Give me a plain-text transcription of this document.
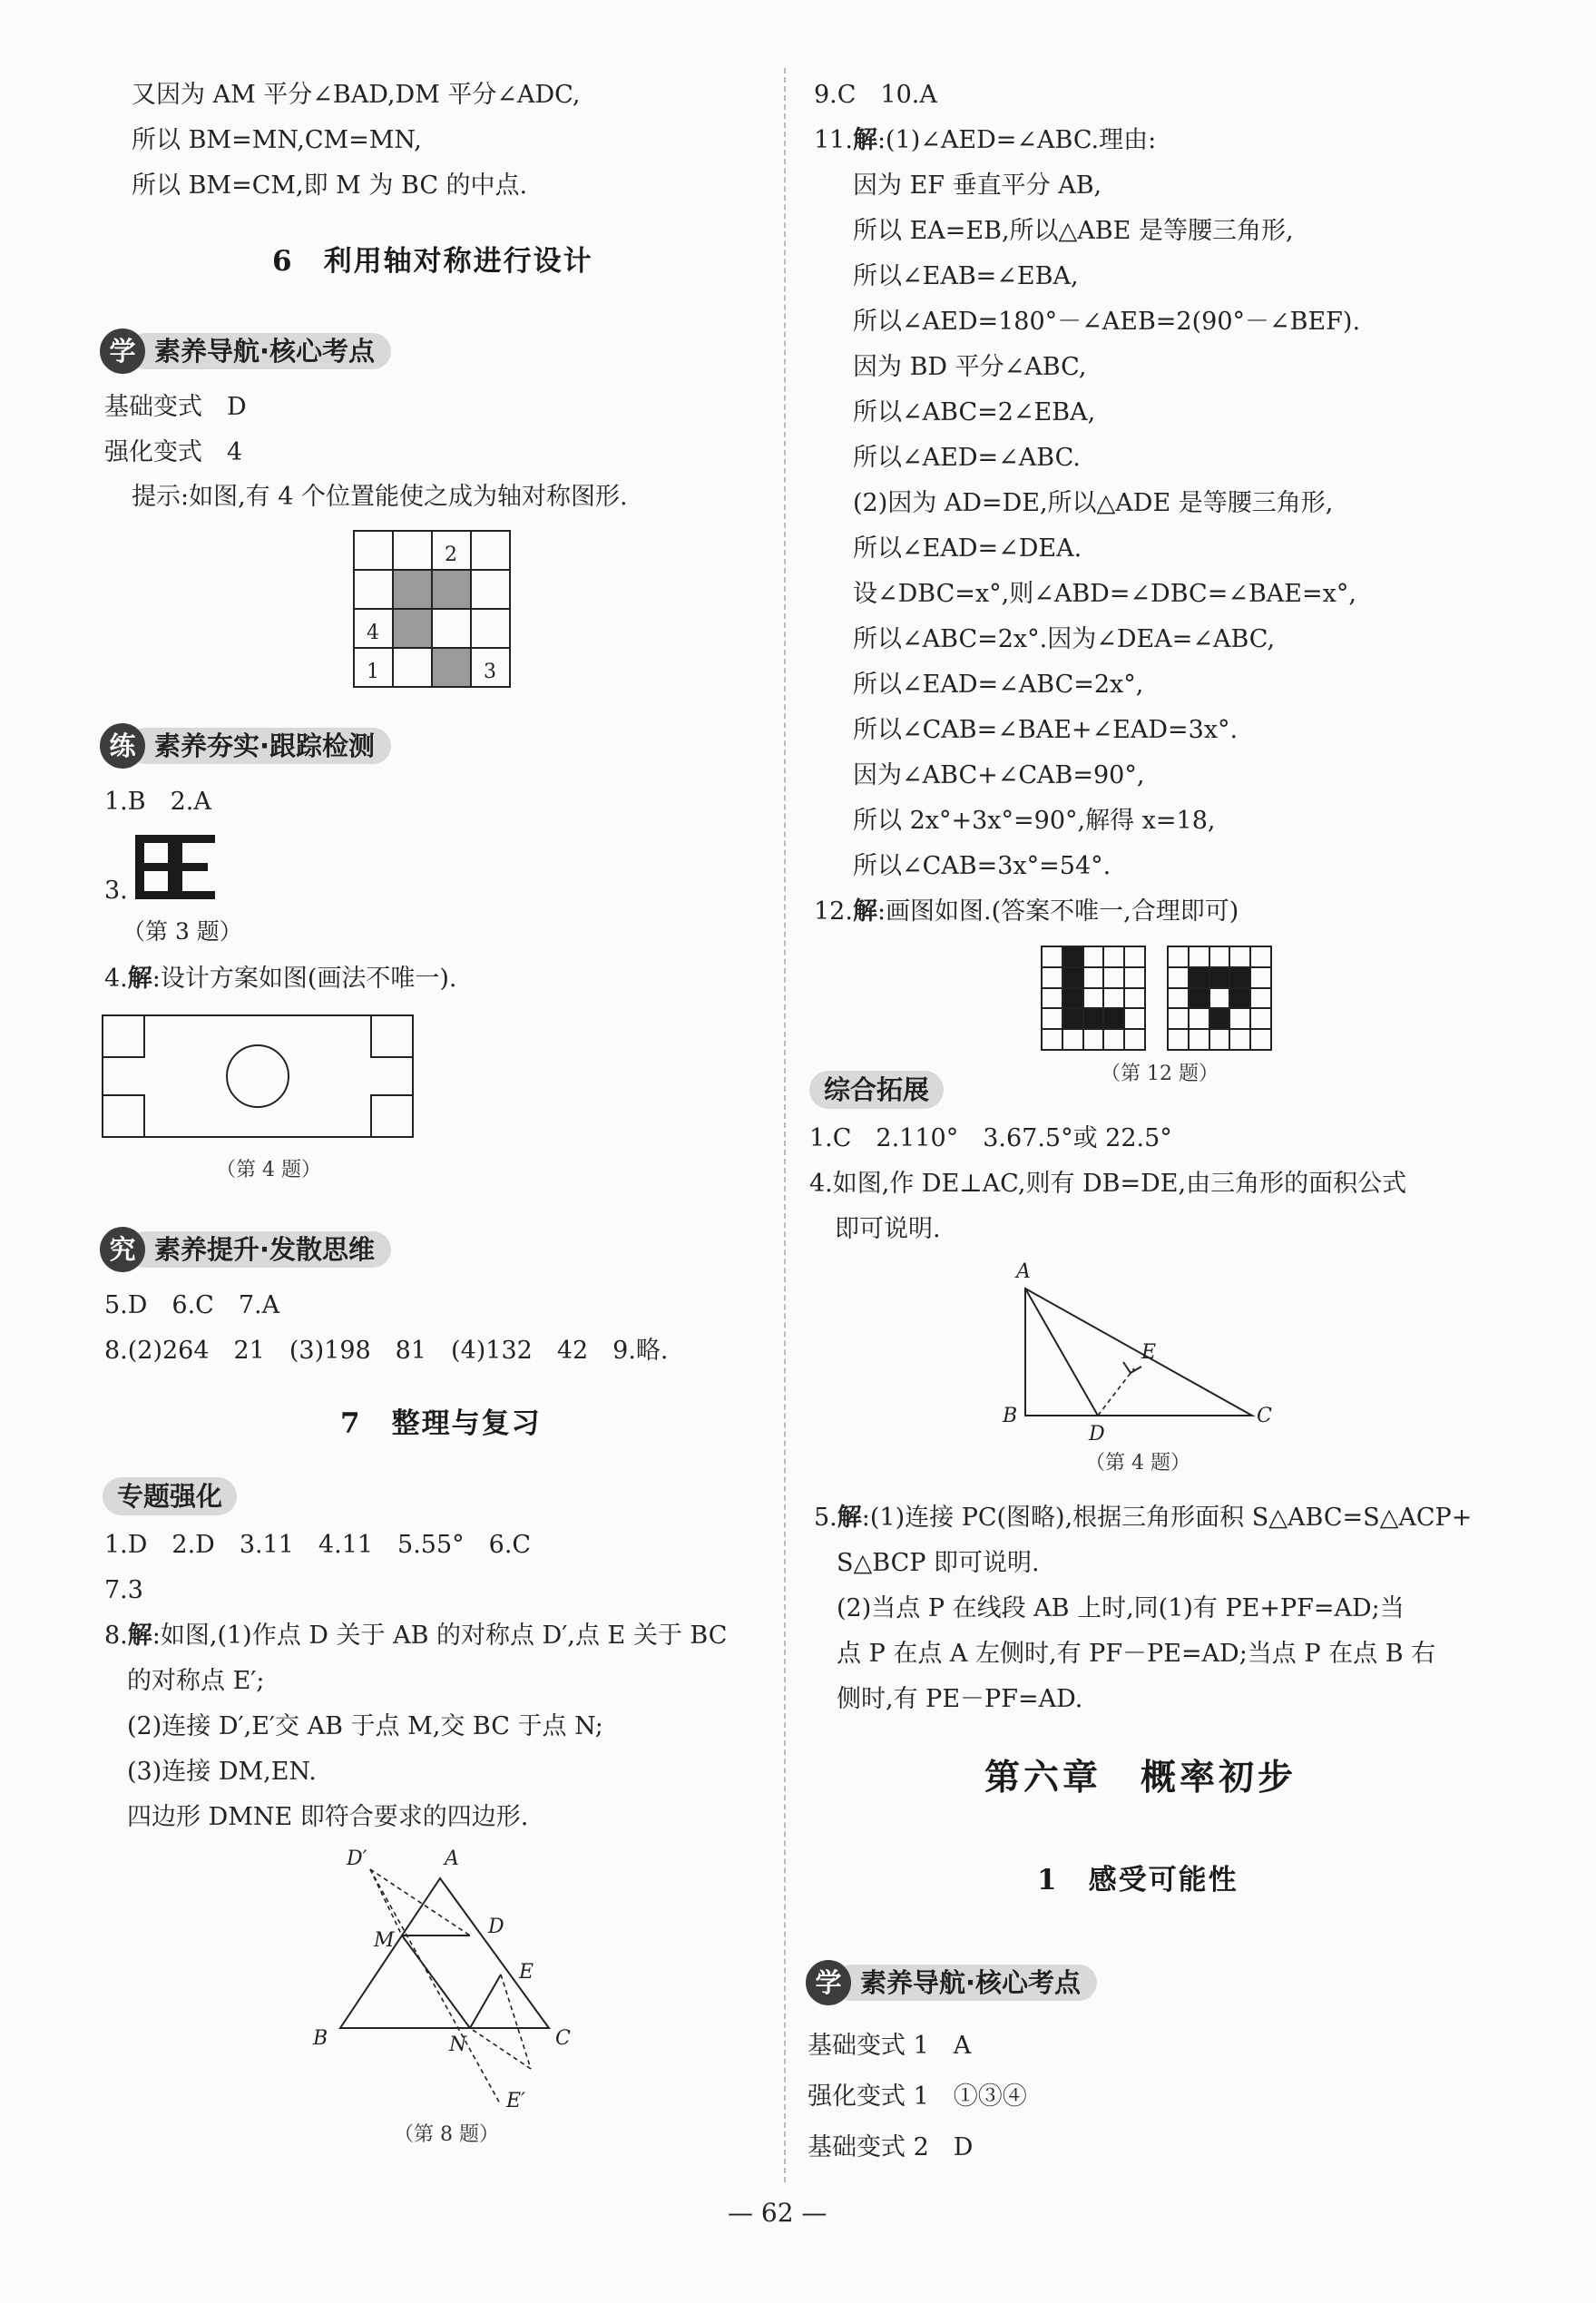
又因为 AM 平分∠BAD,DM 平分∠ADC,
所以 BM=MN,CM=MN,
所以 BM=CM,即 M 为 BC 的中点.
6　利用轴对称进行设计
素养导航·核心考点
学
基础变式　D
强化变式　4
提示:如图,有 4 个位置能使之成为轴对称图形.
2
4
1	3
素养夯实·跟踪检测
练
1.B　2.A
3.
（第 3 题）
4.解:设计方案如图(画法不唯一).
（第 4 题）
素养提升·发散思维
究
5.D　6.C　7.A
8.(2)264　21　(3)198　81　(4)132　42　9.略.
7　整理与复习
专题强化
1.D　2.D　3.11　4.11　5.55°　6.C
7.3
8.解:如图,(1)作点 D 关于 AB 的对称点 D′,点 E 关于 BC
的对称点 E′;
(2)连接 D′,E′交 AB 于点 M,交 BC 于点 N;
(3)连接 DM,EN.
四边形 DMNE 即符合要求的四边形.
D′	A
M
D
E
B	N	C
E′
（第 8 题）
9.C　10.A
11.解:(1)∠AED=∠ABC.理由:
因为 EF 垂直平分 AB,
所以 EA=EB,所以△ABE 是等腰三角形,
所以∠EAB=∠EBA,
所以∠AED=180°－∠AEB=2(90°－∠BEF).
因为 BD 平分∠ABC,
所以∠ABC=2∠EBA,
所以∠AED=∠ABC.
(2)因为 AD=DE,所以△ADE 是等腰三角形,
所以∠EAD=∠DEA.
设∠DBC=x°,则∠ABD=∠DBC=∠BAE=x°,
所以∠ABC=2x°.因为∠DEA=∠ABC,
所以∠EAD=∠ABC=2x°,
所以∠CAB=∠BAE+∠EAD=3x°.
因为∠ABC+∠CAB=90°,
所以 2x°+3x°=90°,解得 x=18,
所以∠CAB=3x°=54°.
12.解:画图如图.(答案不唯一,合理即可)
（第 12 题）
综合拓展
1.C　2.110°　3.67.5°或 22.5°
4.如图,作 DE⊥AC,则有 DB=DE,由三角形的面积公式
即可说明.
A
E
B
D
C
（第 4 题）
5.解:(1)连接 PC(图略),根据三角形面积 S△ABC=S△ACP+
S△BCP 即可说明.
(2)当点 P 在线段 AB 上时,同(1)有 PE+PF=AD;当
点 P 在点 A 左侧时,有 PF－PE=AD;当点 P 在点 B 右
侧时,有 PE－PF=AD.
第六章　概率初步
1　感受可能性
素养导航·核心考点
学
基础变式 1　A
强化变式 1　①③④
基础变式 2　D
— 62 —
